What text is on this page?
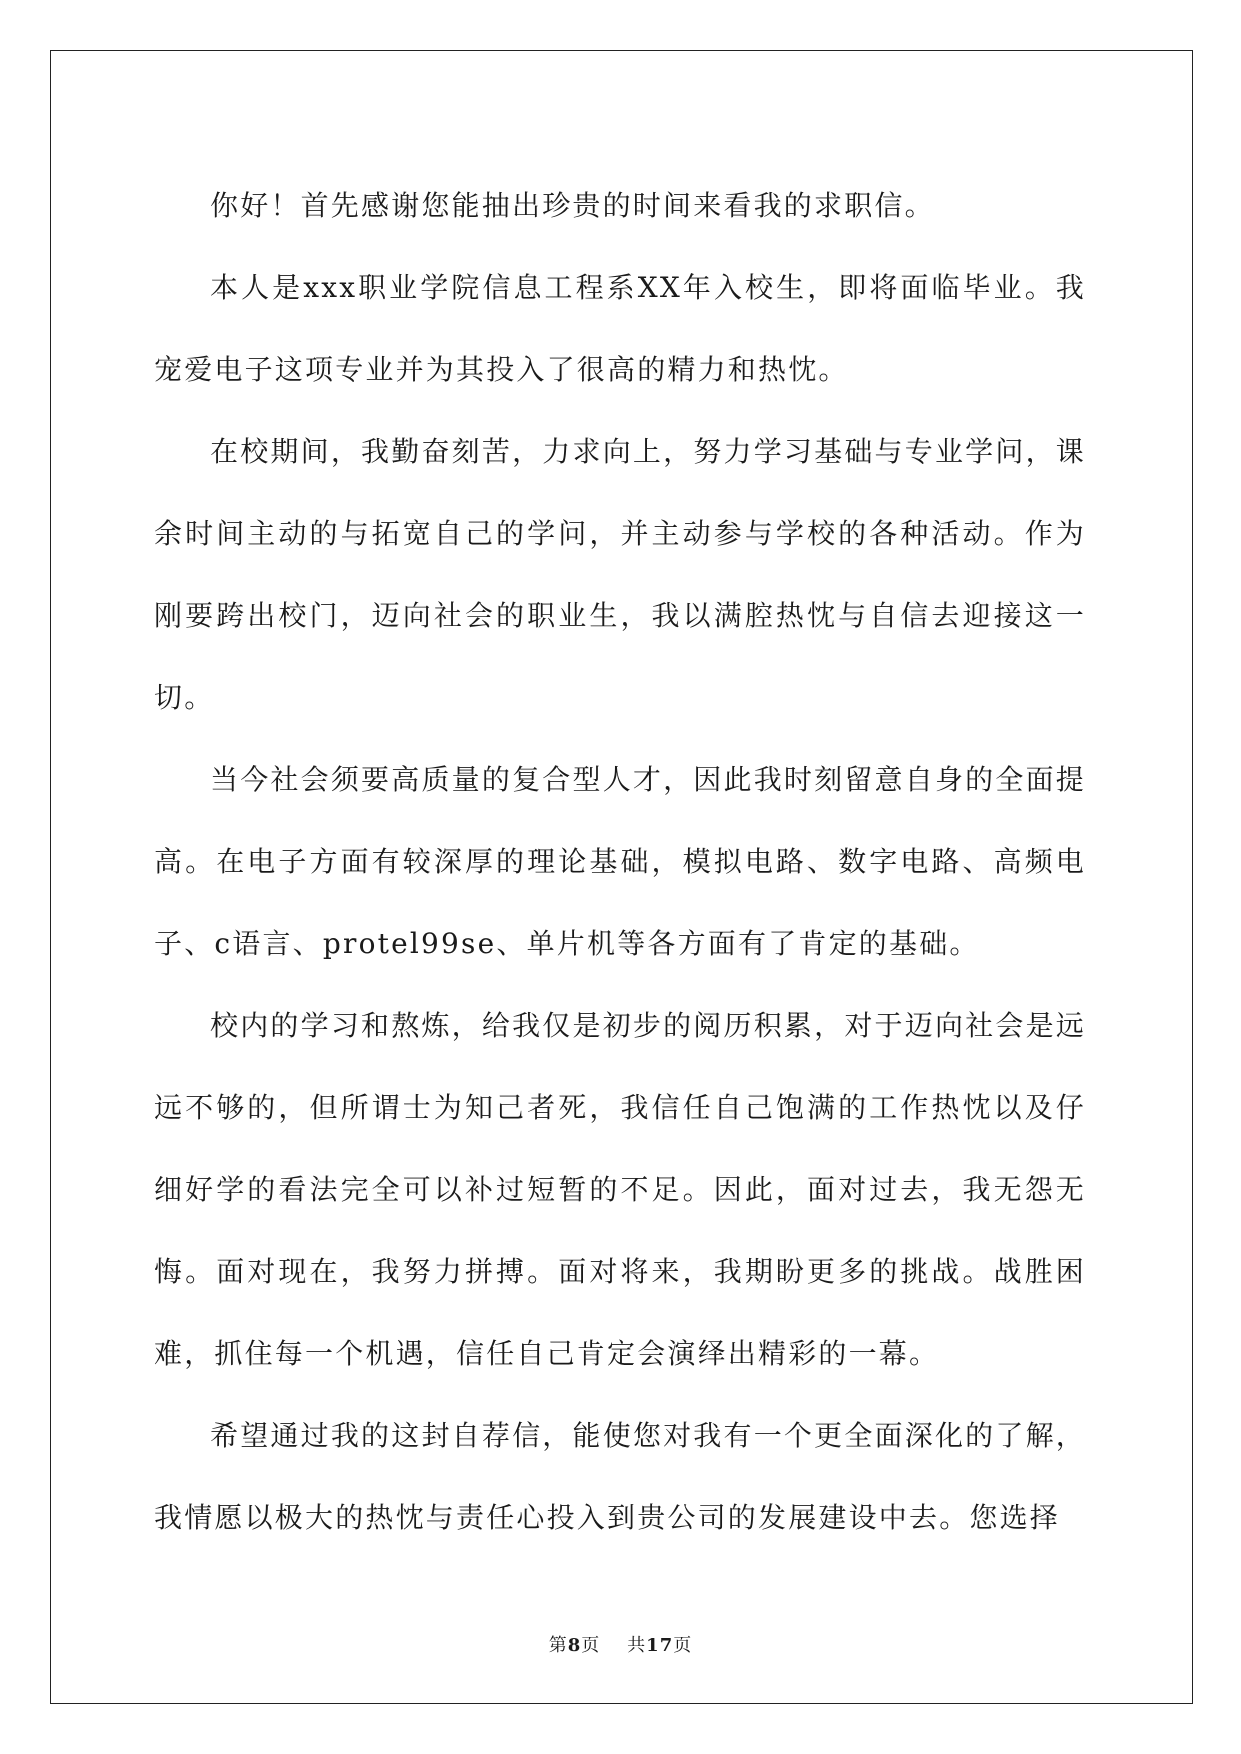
你好！首先感谢您能抽出珍贵的时间来看我的求职信。

本人是xxx职业学院信息工程系XX年入校生，即将面临毕业。我宠爱电子这项专业并为其投入了很高的精力和热忱。

在校期间，我勤奋刻苦，力求向上，努力学习基础与专业学问，课余时间主动的与拓宽自己的学问，并主动参与学校的各种活动。作为刚要跨出校门，迈向社会的职业生，我以满腔热忱与自信去迎接这一切。

当今社会须要高质量的复合型人才，因此我时刻留意自身的全面提高。在电子方面有较深厚的理论基础，模拟电路、数字电路、高频电子、c语言、protel99se、单片机等各方面有了肯定的基础。

校内的学习和熬炼，给我仅是初步的阅历积累，对于迈向社会是远远不够的，但所谓士为知己者死，我信任自己饱满的工作热忱以及仔细好学的看法完全可以补过短暂的不足。因此，面对过去，我无怨无悔。面对现在，我努力拼搏。面对将来，我期盼更多的挑战。战胜困难，抓住每一个机遇，信任自己肯定会演绎出精彩的一幕。

希望通过我的这封自荐信，能使您对我有一个更全面深化的了解，我情愿以极大的热忱与责任心投入到贵公司的发展建设中去。您选择

第8页 共17页
